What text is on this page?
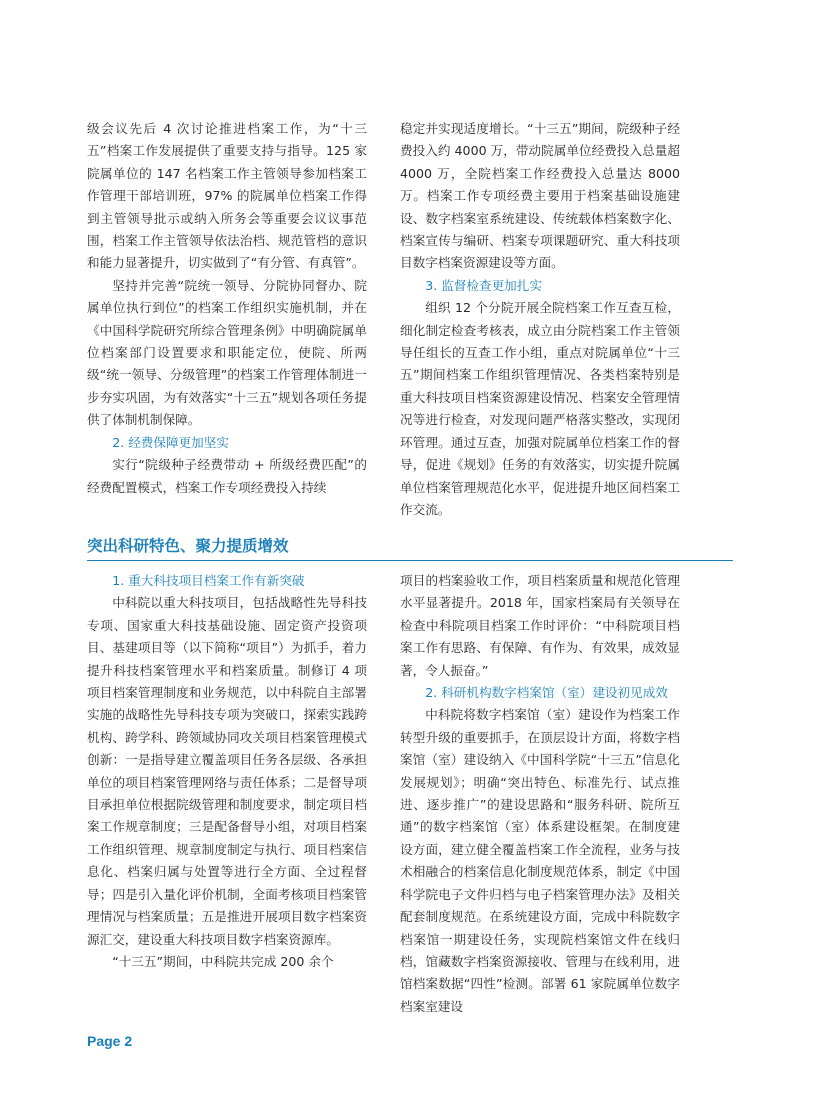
级会议先后 4 次讨论推进档案工作，为“十三五”档案工作发展提供了重要支持与指导。125 家院属单位的 147 名档案工作主管领导参加档案工作管理干部培训班，97% 的院属单位档案工作得到主管领导批示或纳入所务会等重要会议议事范围，档案工作主管领导依法治档、规范管档的意识和能力显著提升，切实做到了“有分管、有真管”。

坚持并完善“院统一领导、分院协同督办、院属单位执行到位”的档案工作组织实施机制，并在《中国科学院研究所综合管理条例》中明确院属单位档案部门设置要求和职能定位，使院、所两级“统一领导、分级管理”的档案工作管理体制进一步夯实巩固，为有效落实“十三五”规划各项任务提供了体制机制保障。

2. 经费保障更加坚实

实行“院级种子经费带动 + 所级经费匹配”的经费配置模式，档案工作专项经费投入持续

稳定并实现适度增长。“十三五”期间，院级种子经费投入约 4000 万，带动院属单位经费投入总量超 4000 万，全院档案工作经费投入总量达 8000 万。档案工作专项经费主要用于档案基础设施建设、数字档案室系统建设、传统载体档案数字化、档案宣传与编研、档案专项课题研究、重大科技项目数字档案资源建设等方面。

3. 监督检查更加扎实

组织 12 个分院开展全院档案工作互查互检，细化制定检查考核表，成立由分院档案工作主管领导任组长的互查工作小组，重点对院属单位“十三五”期间档案工作组织管理情况、各类档案特别是重大科技项目档案资源建设情况、档案安全管理情况等进行检查，对发现问题严格落实整改，实现闭环管理。通过互查，加强对院属单位档案工作的督导，促进《规划》任务的有效落实，切实提升院属单位档案管理规范化水平，促进提升地区间档案工作交流。

突出科研特色、聚力提质增效

1. 重大科技项目档案工作有新突破

中科院以重大科技项目，包括战略性先导科技专项、国家重大科技基础设施、固定资产投资项目、基建项目等（以下简称“项目”）为抓手，着力提升科技档案管理水平和档案质量。制修订 4 项项目档案管理制度和业务规范，以中科院自主部署实施的战略性先导科技专项为突破口，探索实践跨机构、跨学科、跨领域协同攻关项目档案管理模式创新：一是指导建立覆盖项目任务各层级、各承担单位的项目档案管理网络与责任体系；二是督导项目承担单位根据院级管理和制度要求，制定项目档案工作规章制度；三是配备督导小组，对项目档案工作组织管理、规章制度制定与执行、项目档案信息化、档案归属与处置等进行全方面、全过程督导；四是引入量化评价机制，全面考核项目档案管理情况与档案质量；五是推进开展项目数字档案资源汇交，建设重大科技项目数字档案资源库。

“十三五”期间，中科院共完成 200 余个

项目的档案验收工作，项目档案质量和规范化管理水平显著提升。2018 年，国家档案局有关领导在检查中科院项目档案工作时评价：“中科院项目档案工作有思路、有保障、有作为、有效果，成效显著，令人振奋。”

2. 科研机构数字档案馆（室）建设初见成效

中科院将数字档案馆（室）建设作为档案工作转型升级的重要抓手，在顶层设计方面，将数字档案馆（室）建设纳入《中国科学院“十三五”信息化发展规划》；明确“突出特色、标准先行、试点推进、逐步推广”的建设思路和“服务科研、院所互通”的数字档案馆（室）体系建设框架。在制度建设方面，建立健全覆盖档案工作全流程，业务与技术相融合的档案信息化制度规范体系，制定《中国科学院电子文件归档与电子档案管理办法》及相关配套制度规范。在系统建设方面，完成中科院数字档案馆一期建设任务，实现院档案馆文件在线归档，馆藏数字档案资源接收、管理与在线利用，进馆档案数据“四性”检测。部署 61 家院属单位数字档案室建设

Page 2
